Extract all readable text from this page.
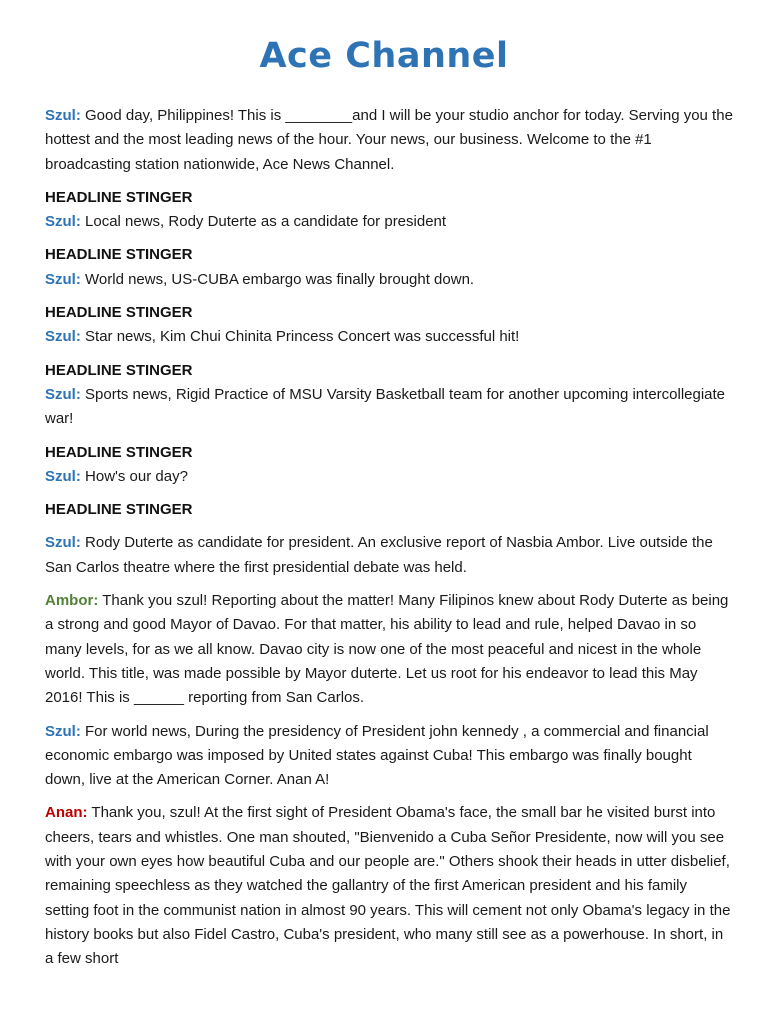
Ace Channel

Szul: Good day, Philippines! This is ________and I will be your studio anchor for today. Serving you the hottest and the most leading news of the hour. Your news, our business. Welcome to the #1 broadcasting station nationwide, Ace News Channel.

HEADLINE STINGER

Szul: Local news, Rody Duterte as a candidate for president

HEADLINE STINGER

Szul: World news, US-CUBA embargo was finally brought down.

HEADLINE STINGER

Szul: Star news, Kim Chui Chinita Princess Concert was successful hit!

HEADLINE STINGER

Szul: Sports news, Rigid Practice of MSU Varsity Basketball team for another upcoming intercollegiate war!

HEADLINE STINGER

Szul: How's our day?

HEADLINE STINGER

Szul: Rody Duterte as candidate for president. An exclusive report of Nasbia Ambor. Live outside the San Carlos theatre where the first presidential debate was held.

Ambor: Thank you szul! Reporting about the matter! Many Filipinos knew about Rody Duterte as being a strong and good Mayor of Davao. For that matter, his ability to lead and rule, helped Davao in so many levels, for as we all know. Davao city is now one of the most peaceful and nicest in the whole world. This title, was made possible by Mayor duterte. Let us root for his endeavor to lead this May 2016! This is ______ reporting from San Carlos.

Szul: For world news, During the presidency of President john kennedy , a commercial and financial economic embargo was imposed by United states against Cuba! This embargo was finally bought down, live at the American Corner. Anan A!

Anan: Thank you, szul! At the first sight of President Obama's face, the small bar he visited burst into cheers, tears and whistles. One man shouted, "Bienvenido a Cuba Señor Presidente, now will you see with your own eyes how beautiful Cuba and our people are." Others shook their heads in utter disbelief, remaining speechless as they watched the gallantry of the first American president and his family setting foot in the communist nation in almost 90 years. This will cement not only Obama's legacy in the history books but also Fidel Castro, Cuba's president, who many still see as a powerhouse. In short, in a few short
